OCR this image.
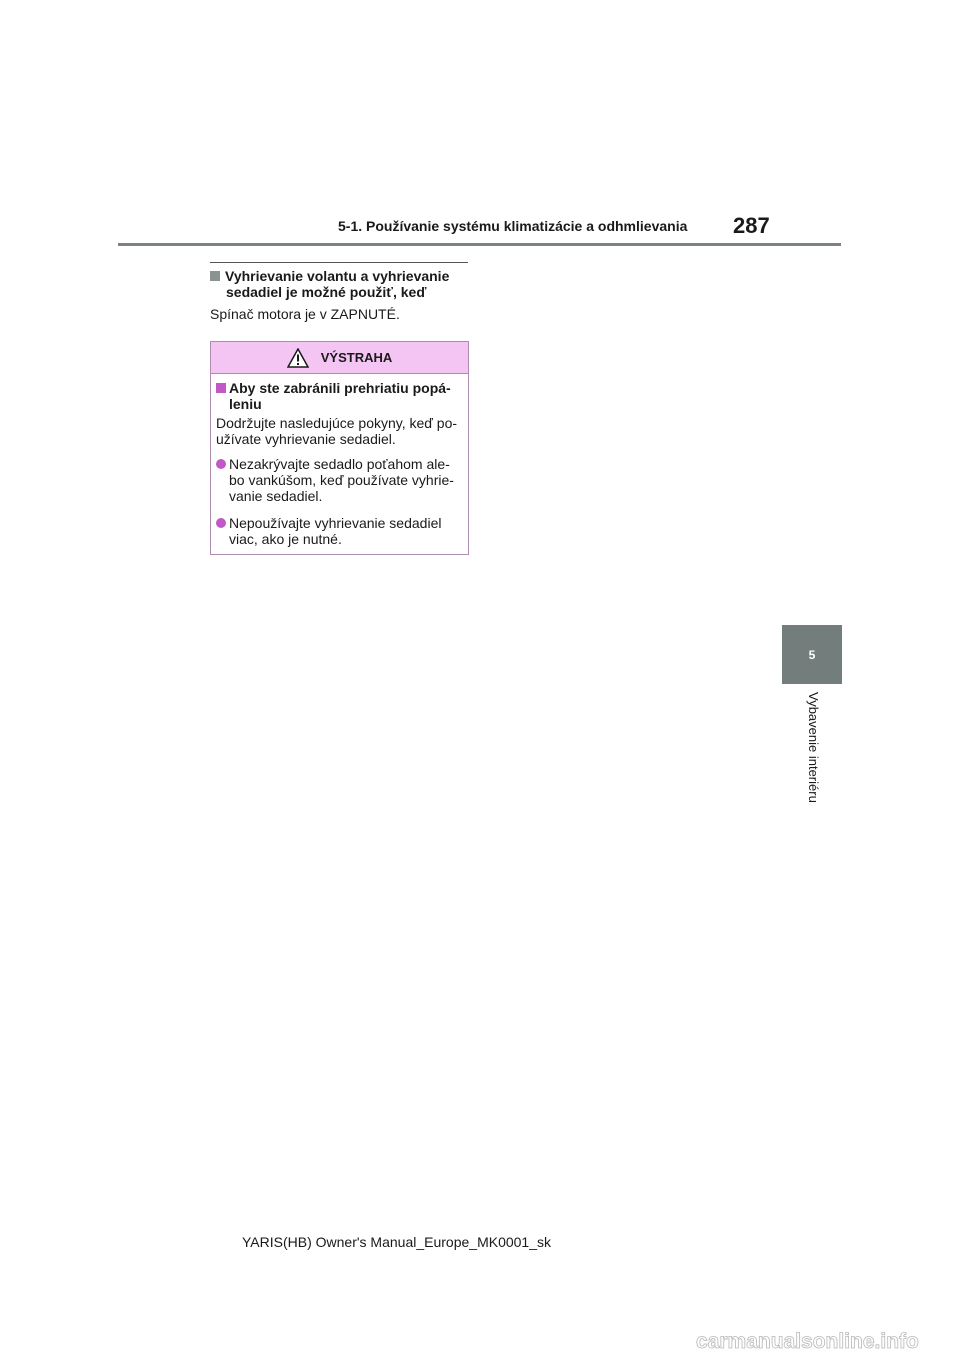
5-1. Používanie systému klimatizácie a odhmlievania 287
5
Vybavenie interiéru
Vyhrievanie volantu a vyhrievanie
sedadiel je možné použiť, keď
Spínač motora je v ZAPNUTÉ.
VÝSTRAHA
Aby ste zabránili prehriatiu popá-
leniu
Dodržujte nasledujúce pokyny, keď po-
užívate vyhrievanie sedadiel.
Nezakrývajte sedadlo poťahom ale-
bo vankúšom, keď používate vyhrie-
vanie sedadiel.
Nepoužívajte vyhrievanie sedadiel
viac, ako je nutné.
YARIS(HB) Owner's Manual_Europe_MK0001_sk
carmanualsonline.info
